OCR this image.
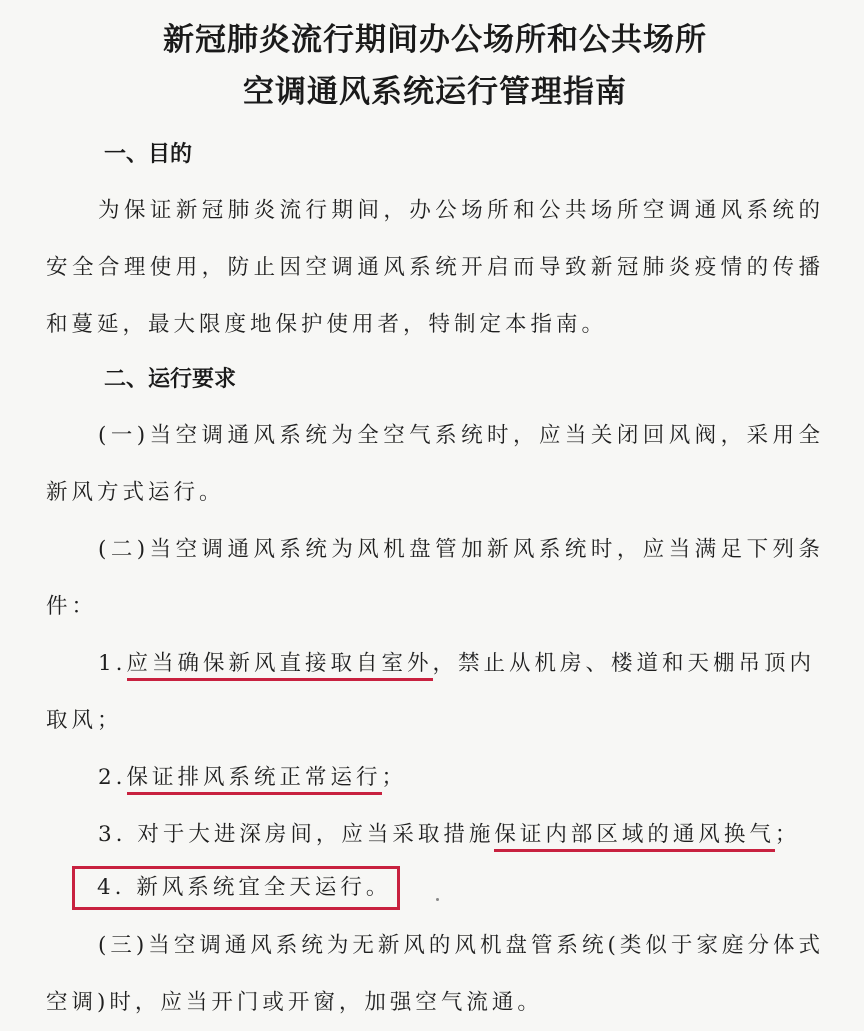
新冠肺炎流行期间办公场所和公共场所
空调通风系统运行管理指南

一、目的

为保证新冠肺炎流行期间，办公场所和公共场所空调通风系统的安全合理使用，防止因空调通风系统开启而导致新冠肺炎疫情的传播和蔓延，最大限度地保护使用者，特制定本指南。

二、运行要求

(一)当空调通风系统为全空气系统时，应当关闭回风阀，采用全新风方式运行。

(二)当空调通风系统为风机盘管加新风系统时，应当满足下列条件：

1.应当确保新风直接取自室外，禁止从机房、楼道和天棚吊顶内取风；

2.保证排风系统正常运行；

3. 对于大进深房间，应当采取措施保证内部区域的通风换气；

4. 新风系统宜全天运行。

(三)当空调通风系统为无新风的风机盘管系统(类似于家庭分体式空调)时，应当开门或开窗，加强空气流通。
